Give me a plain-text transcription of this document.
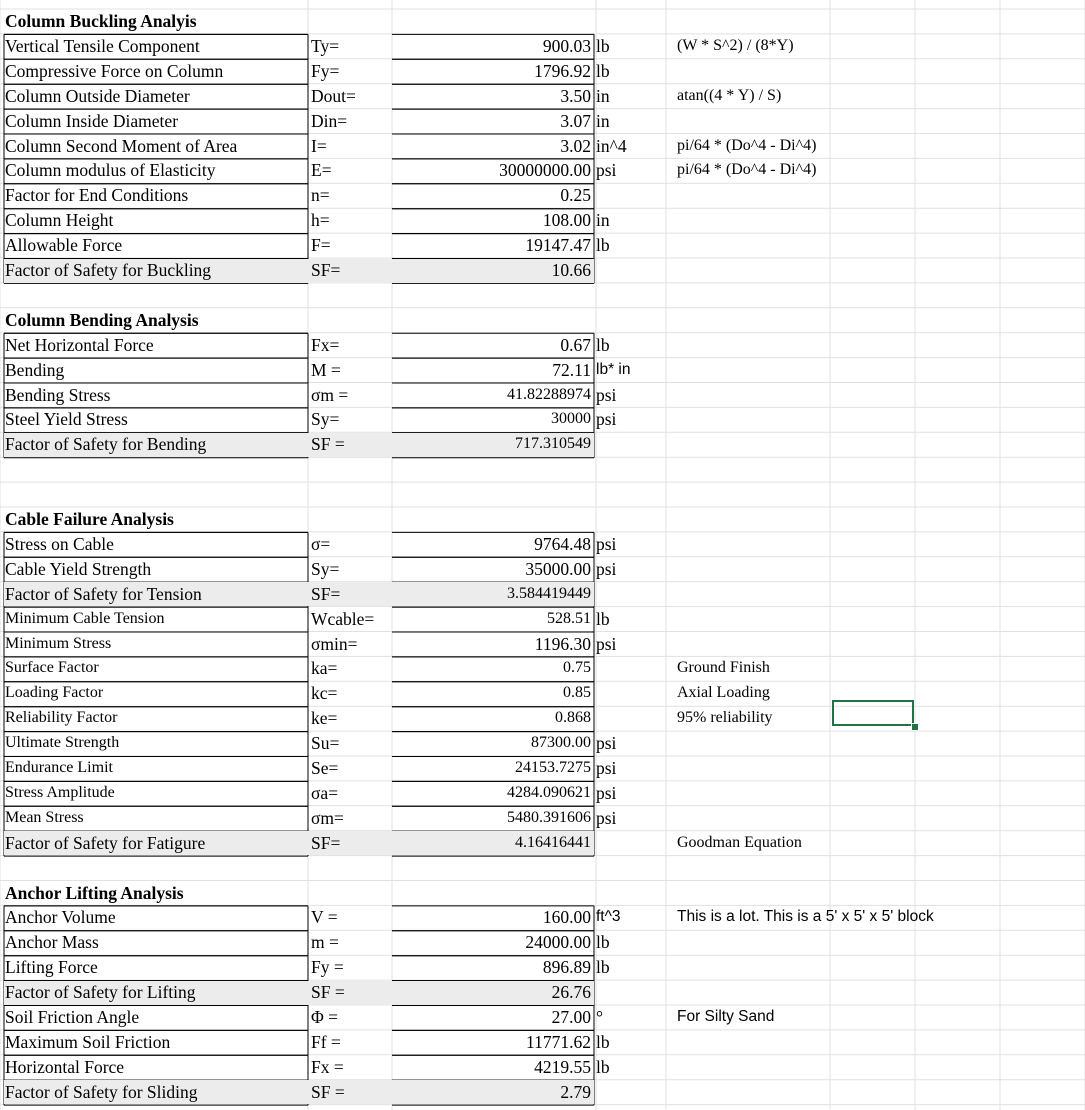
Column Buckling Analyis
Vertical Tensile Component	Ty=	900.03 lb	(W * S^2) / (8*Y)
Compressive Force on Column	Fy=	1796.92 lb
Column Outside Diameter	Dout=	3.50 in	atan((4 * Y) / S)
Column Inside Diameter	Din=	3.07 in
Column Second Moment of Area	I=	3.02 in^4	pi/64 * (Do^4 - Di^4)
Column modulus of Elasticity	E=	30000000.00 psi	pi/64 * (Do^4 - Di^4)
Factor for End Conditions	n=	0.25
Column Height	h=	108.00 in
Allowable Force	F=	19147.47 lb
Factor of Safety for Buckling	SF=	10.66
Column Bending Analysis
Net Horizontal Force	Fx=	0.67 lb
Bending	M =	72.11 lb* in
Bending Stress	σm =	41.82288974 psi
Steel Yield Stress	Sy=	30000 psi
Factor of Safety for Bending	SF =	717.310549
Cable Failure Analysis
Stress on Cable	σ=	9764.48 psi
Cable Yield Strength	Sy=	35000.00 psi
Factor of Safety for Tension	SF=	3.584419449
Minimum Cable Tension	Wcable=	528.51 lb
Minimum Stress	σmin=	1196.30 psi
Surface Factor	ka=	0.75	Ground Finish
Loading Factor	kc=	0.85	Axial Loading
Reliability Factor	ke=	0.868	95% reliability
Ultimate Strength	Su=	87300.00 psi
Endurance Limit	Se=	24153.7275 psi
Stress Amplitude	σa=	4284.090621 psi
Mean Stress	σm=	5480.391606 psi
Factor of Safety for Fatigure	SF=	4.16416441	Goodman Equation
Anchor Lifting Analysis
Anchor Volume	V =	160.00 ft^3	This is a lot. This is a 5' x 5' x 5' block
Anchor Mass	m =	24000.00 lb
Lifting Force	Fy =	896.89 lb
Factor of Safety for Lifting	SF =	26.76
Soil Friction Angle	Φ =	27.00 °	For Silty Sand
Maximum Soil Friction	Ff =	11771.62 lb
Horizontal Force	Fx =	4219.55 lb
Factor of Safety for Sliding	SF =	2.79
